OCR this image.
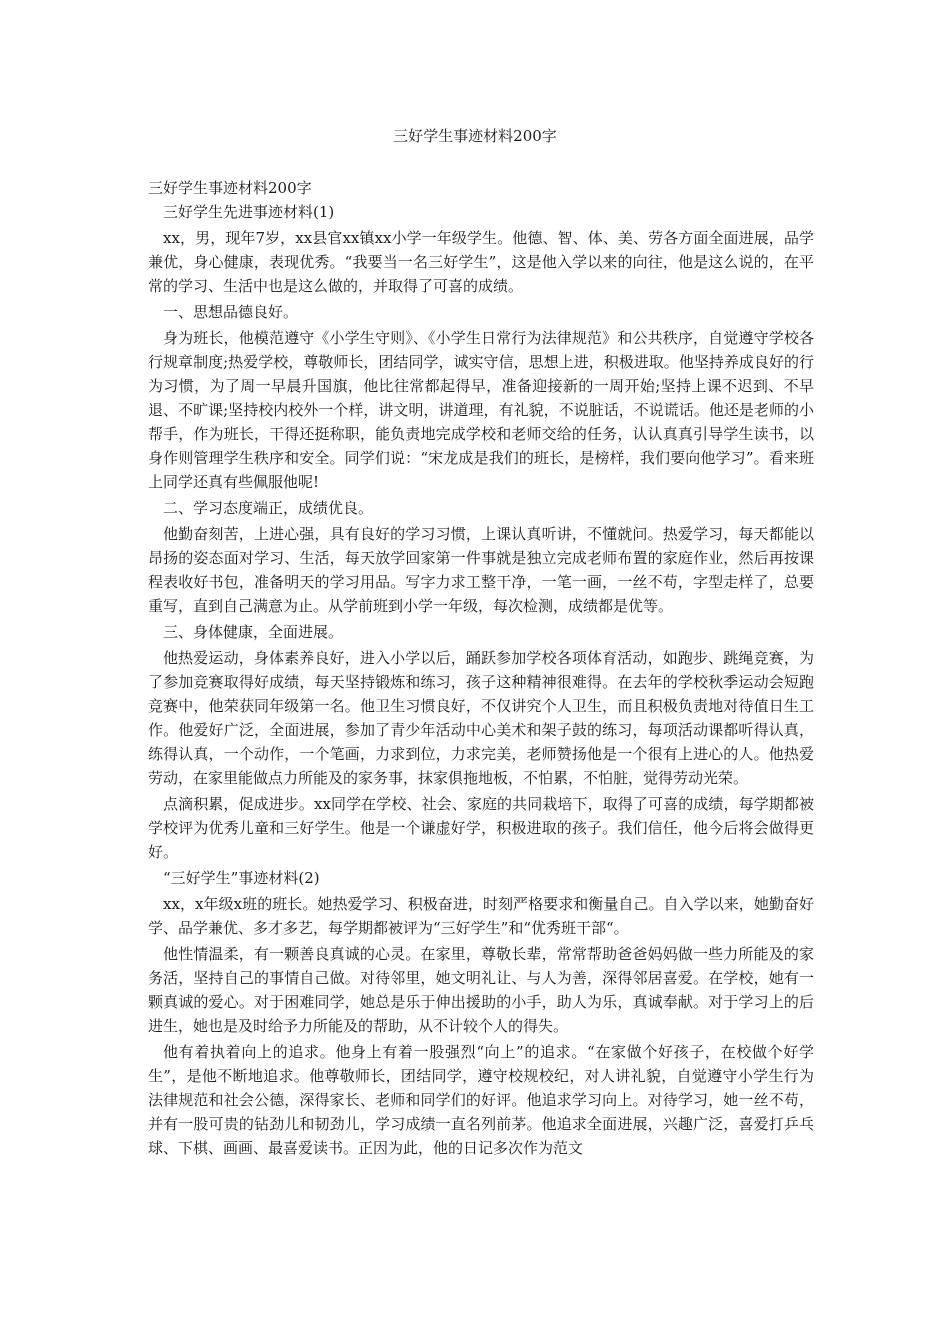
三好学生事迹材料200字
三好学生事迹材料200字

三好学生先进事迹材料(1)

xx，男，现年7岁，xx县官xx镇xx小学一年级学生。他德、智、体、美、劳各方面全面进展，品学兼优，身心健康，表现优秀。“我要当一名三好学生”，这是他入学以来的向往，他是这么说的，在平常的学习、生活中也是这么做的，并取得了可喜的成绩。

一、思想品德良好。

身为班长，他模范遵守《小学生守则》、《小学生日常行为法律规范》和公共秩序，自觉遵守学校各行规章制度;热爱学校，尊敬师长，团结同学，诚实守信，思想上进，积极进取。他坚持养成良好的行为习惯，为了周一早晨升国旗，他比往常都起得早，准备迎接新的一周开始;坚持上课不迟到、不早退、不旷课;坚持校内校外一个样，讲文明，讲道理，有礼貌，不说脏话，不说谎话。他还是老师的小帮手，作为班长，干得还挺称职，能负责地完成学校和老师交给的任务，认认真真引导学生读书，以身作则管理学生秩序和安全。同学们说：“宋龙成是我们的班长，是榜样，我们要向他学习”。看来班上同学还真有些佩服他呢!

二、学习态度端正，成绩优良。

他勤奋刻苦，上进心强，具有良好的学习习惯，上课认真听讲，不懂就问。热爱学习，每天都能以昂扬的姿态面对学习、生活，每天放学回家第一件事就是独立完成老师布置的家庭作业，然后再按课程表收好书包，准备明天的学习用品。写字力求工整干净，一笔一画，一丝不苟，字型走样了，总要重写，直到自己满意为止。从学前班到小学一年级，每次检测，成绩都是优等。

三、身体健康，全面进展。

他热爱运动，身体素养良好，进入小学以后，踊跃参加学校各项体育活动，如跑步、跳绳竞赛，为了参加竞赛取得好成绩，每天坚持锻炼和练习，孩子这种精神很难得。在去年的学校秋季运动会短跑竞赛中，他荣获同年级第一名。他卫生习惯良好，不仅讲究个人卫生，而且积极负责地对待值日生工作。他爱好广泛，全面进展，参加了青少年活动中心美术和架子鼓的练习，每项活动课都听得认真，练得认真，一个动作，一个笔画，力求到位，力求完美，老师赞扬他是一个很有上进心的人。他热爱劳动，在家里能做点力所能及的家务事，抹家俱拖地板，不怕累，不怕脏，觉得劳动光荣。

点滴积累，促成进步。xx同学在学校、社会、家庭的共同栽培下，取得了可喜的成绩，每学期都被学校评为优秀儿童和三好学生。他是一个谦虚好学，积极进取的孩子。我们信任，他今后将会做得更好。

“三好学生”事迹材料(2)

xx，x年级x班的班长。她热爱学习、积极奋进，时刻严格要求和衡量自己。自入学以来，她勤奋好学、品学兼优、多才多艺，每学期都被评为“三好学生”和“优秀班干部“。

他性情温柔，有一颗善良真诚的心灵。在家里，尊敬长辈，常常帮助爸爸妈妈做一些力所能及的家务活，坚持自己的事情自己做。对待邻里，她文明礼让、与人为善，深得邻居喜爱。在学校，她有一颗真诚的爱心。对于困难同学，她总是乐于伸出援助的小手，助人为乐，真诚奉献。对于学习上的后进生，她也是及时给予力所能及的帮助，从不计较个人的得失。

他有着执着向上的追求。他身上有着一股强烈“向上”的追求。“在家做个好孩子，在校做个好学生”，是他不断地追求。他尊敬师长，团结同学，遵守校规校纪，对人讲礼貌，自觉遵守小学生行为法律规范和社会公德，深得家长、老师和同学们的好评。他追求学习向上。对待学习，她一丝不苟，并有一股可贵的钻劲儿和韧劲儿，学习成绩一直名列前茅。他追求全面进展，兴趣广泛，喜爱打乒乓球、下棋、画画、最喜爱读书。正因为此，他的日记多次作为范文
